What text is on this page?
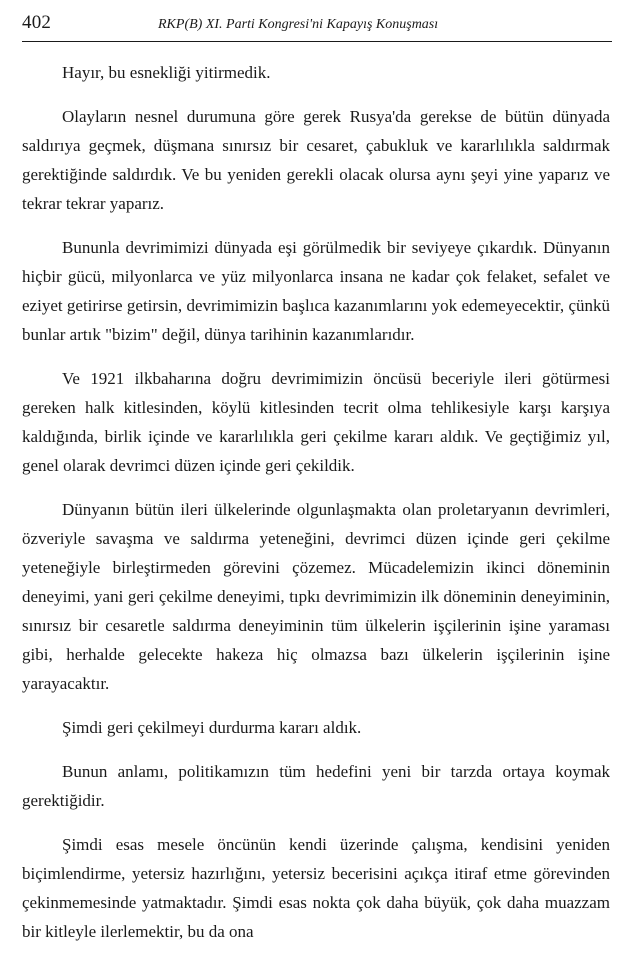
402	RKP(B) XI. Parti Kongresi'ni Kapayış Konuşması

Hayır, bu esnekliği yitirmedik.

Olayların nesnel durumuna göre gerek Rusya'da gerekse de bütün dünyada saldırıya geçmek, düşmana sınırsız bir cesaret, çabukluk ve kararlılıkla saldırmak gerektiğinde saldırdık. Ve bu yeniden gerekli olacak olursa aynı şeyi yine yaparız ve tekrar tekrar yaparız.

Bununla devrimimizi dünyada eşi görülmedik bir seviyeye çıkardık. Dünyanın hiçbir gücü, milyonlarca ve yüz milyonlarca insana ne kadar çok felaket, sefalet ve eziyet getirirse getirsin, devrimimizin başlıca kazanımlarını yok edemeyecektir, çünkü bunlar artık "bizim" değil, dünya tarihinin kazanımlarıdır.

Ve 1921 ilkbaharına doğru devrimimizin öncüsü beceriyle ileri götürmesi gereken halk kitlesinden, köylü kitlesinden tecrit olma tehlikesiyle karşı karşıya kaldığında, birlik içinde ve kararlılıkla geri çekilme kararı aldık. Ve geçtiğimiz yıl, genel olarak devrimci düzen içinde geri çekildik.

Dünyanın bütün ileri ülkelerinde olgunlaşmakta olan proletaryanın devrimleri, özveriyle savaşma ve saldırma yeteneğini, devrimci düzen içinde geri çekilme yeteneğiyle birleştirmeden görevini çözemez. Mücadelemizin ikinci döneminin deneyimi, yani geri çekilme deneyimi, tıpkı devrimimizin ilk döneminin deneyiminin, sınırsız bir cesaretle saldırma deneyiminin tüm ülkelerin işçilerinin işine yaraması gibi, herhalde gelecekte hakeza hiç olmazsa bazı ülkelerin işçilerinin işine yarayacaktır.

Şimdi geri çekilmeyi durdurma kararı aldık.

Bunun anlamı, politikamızın tüm hedefini yeni bir tarzda ortaya koymak gerektiğidir.

Şimdi esas mesele öncünün kendi üzerinde çalışma, kendisini yeniden biçimlendirme, yetersiz hazırlığını, yetersiz becerisini açıkça itiraf etme görevinden çekinmemesinde yatmaktadır. Şimdi esas nokta çok daha büyük, çok daha muazzam bir kitleyle ilerlemektir, bu da ona
